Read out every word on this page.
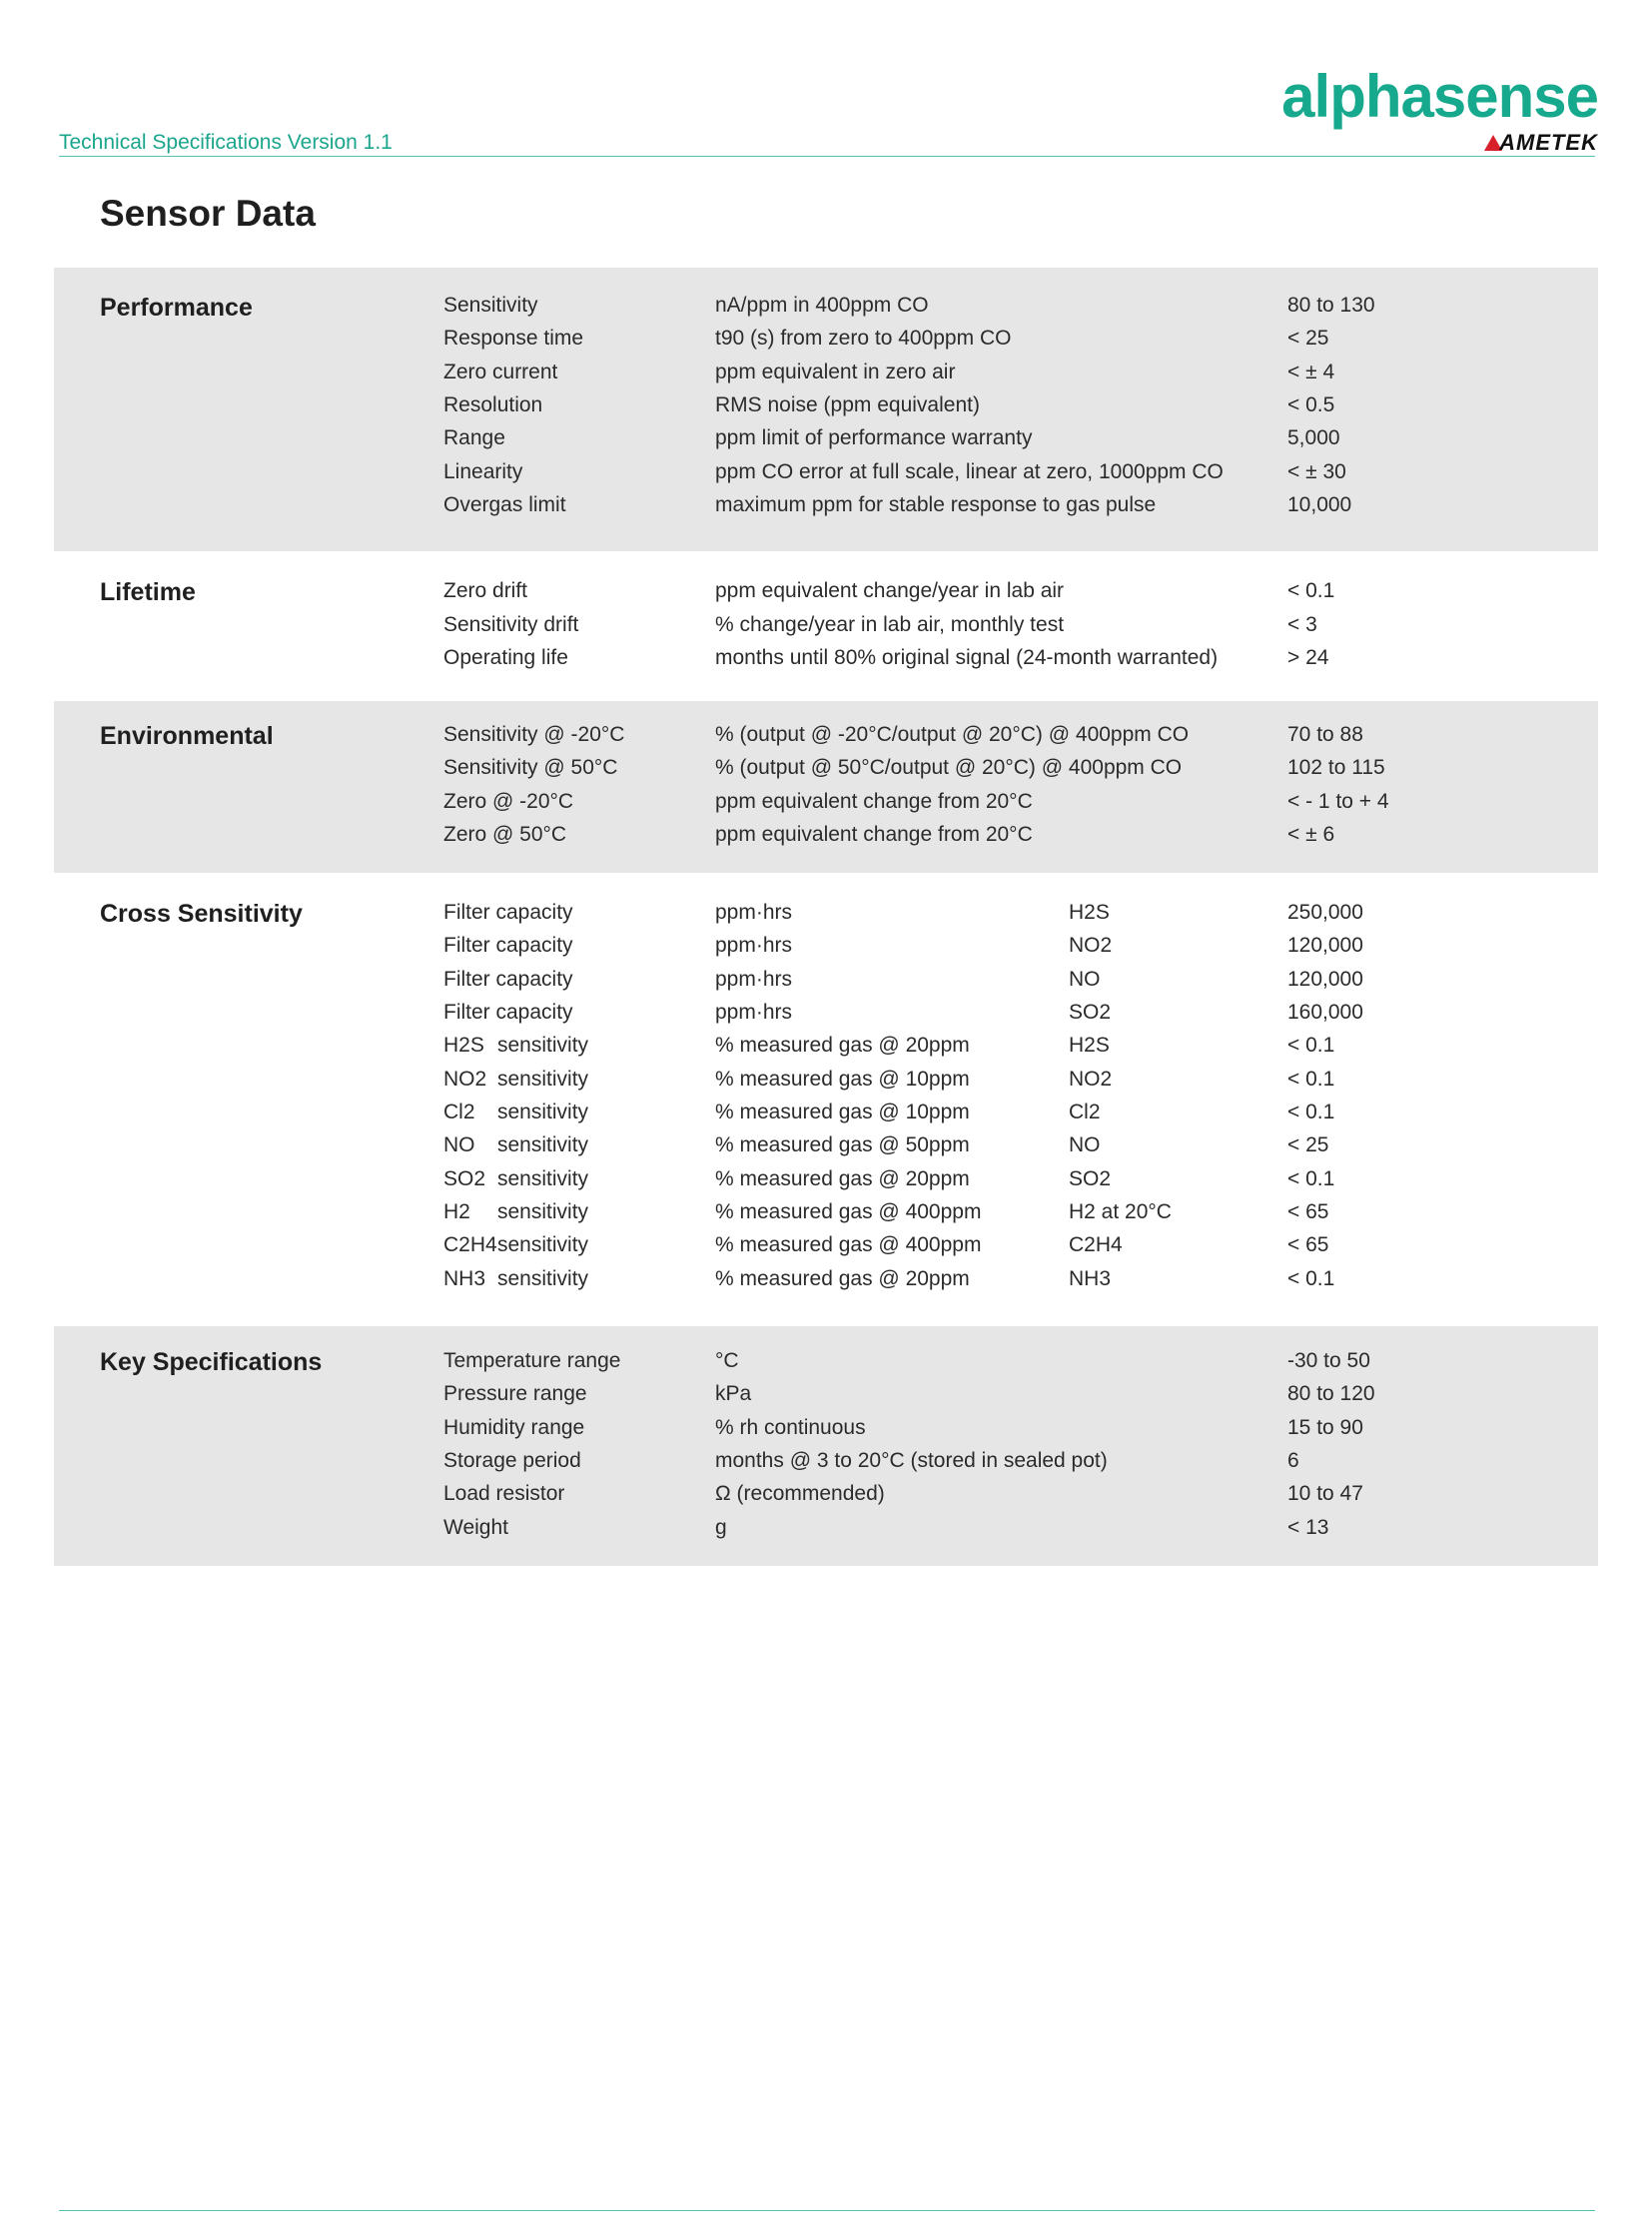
Technical Specifications Version 1.1
alphasense
AMETEK
Sensor Data
Performance	Sensitivity	nA/ppm in 400ppm CO	80 to 130
Response time	t90 (s) from zero to 400ppm CO	< 25
Zero current	ppm equivalent in zero air	< ± 4
Resolution	RMS noise (ppm equivalent)	< 0.5
Range	ppm limit of performance warranty	5,000
Linearity	ppm CO error at full scale, linear at zero, 1000ppm CO	< ± 30
Overgas limit	maximum ppm for stable response to gas pulse	10,000
Lifetime	Zero drift	ppm equivalent change/year in lab air	< 0.1
Sensitivity drift	% change/year in lab air, monthly test	< 3
Operating life	months until 80% original signal (24-month warranted)	> 24
Environmental	Sensitivity @ -20°C	% (output @ -20°C/output @ 20°C) @ 400ppm CO	70 to 88
Sensitivity @ 50°C	% (output @ 50°C/output @ 20°C) @ 400ppm CO	102 to 115
Zero @ -20°C	ppm equivalent change from 20°C	< - 1 to + 4
Zero @ 50°C	ppm equivalent change from 20°C	< ± 6
Cross Sensitivity	Filter capacity	ppm·hrs	H2S	250,000
Filter capacity	ppm·hrs	NO2	120,000
Filter capacity	ppm·hrs	NO	120,000
Filter capacity	ppm·hrs	SO2	160,000
H2S sensitivity	% measured gas @ 20ppm	H2S	< 0.1
NO2 sensitivity	% measured gas @ 10ppm	NO2	< 0.1
Cl2 sensitivity	% measured gas @ 10ppm	Cl2	< 0.1
NO sensitivity	% measured gas @ 50ppm	NO	< 25
SO2 sensitivity	% measured gas @ 20ppm	SO2	< 0.1
H2 sensitivity	% measured gas @ 400ppm	H2 at 20°C	< 65
C2H4 sensitivity	% measured gas @ 400ppm	C2H4	< 65
NH3 sensitivity	% measured gas @ 20ppm	NH3	< 0.1
Key Specifications	Temperature range	°C	-30 to 50
Pressure range	kPa	80 to 120
Humidity range	% rh continuous	15 to 90
Storage period	months @ 3 to 20°C (stored in sealed pot)	6
Load resistor	Ω (recommended)	10 to 47
Weight	g	< 13
